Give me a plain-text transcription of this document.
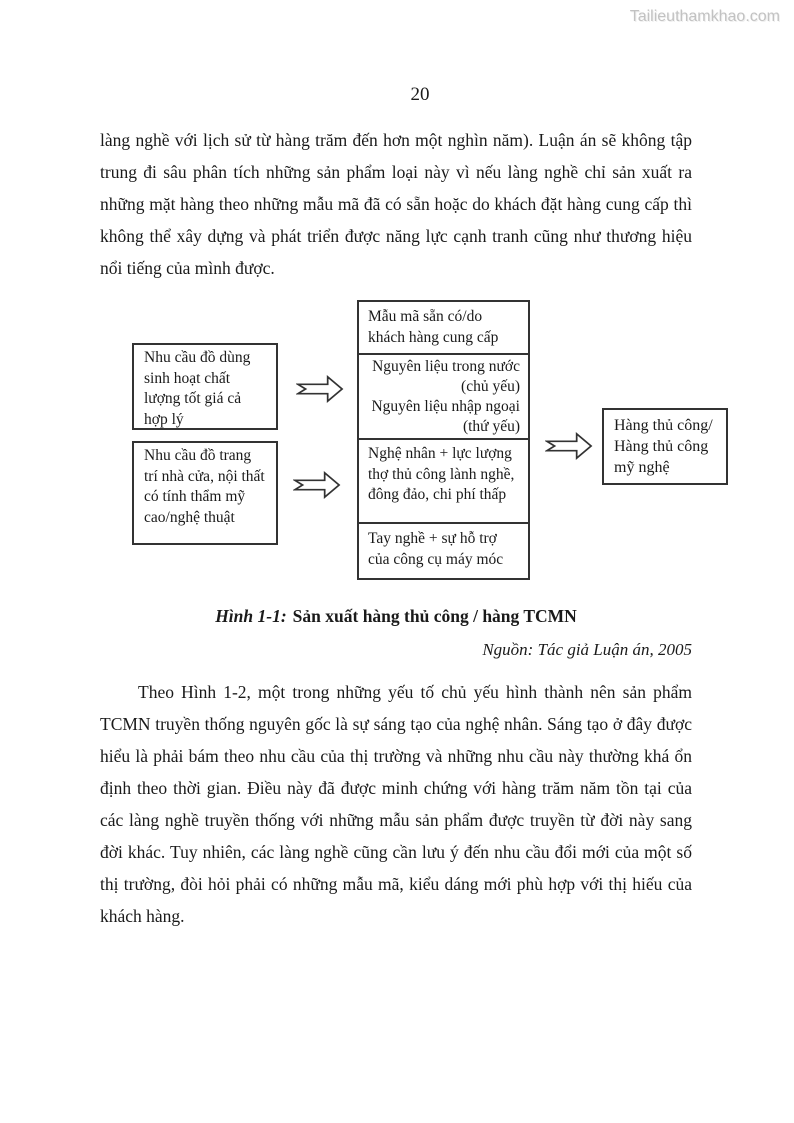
Tailieuthamkhao.com
20

làng nghề với lịch sử từ hàng trăm đến hơn một nghìn năm). Luận án sẽ không tập trung đi sâu phân tích những sản phẩm loại này vì nếu làng nghề chỉ sản xuất ra những mặt hàng theo những mẫu mã đã có sẵn hoặc do khách đặt hàng cung cấp thì không thể xây dựng và phát triển được năng lực cạnh tranh cũng như thương hiệu nổi tiếng của mình được.

Nhu cầu đồ dùng sinh hoạt chất lượng tốt giá cả hợp lý
Nhu cầu đồ trang trí nhà cửa, nội thất có tính thẩm mỹ cao/nghệ thuật
Mẫu mã sẵn có/do khách hàng cung cấp
Nguyên liệu trong nước
(chủ yếu)
Nguyên liệu nhập ngoại
(thứ yếu)
Nghệ nhân + lực lượng thợ thủ công lành nghề, đông đảo, chi phí thấp
Tay nghề + sự hỗ trợ của công cụ máy móc
Hàng thủ công/
Hàng thủ công
mỹ nghệ
Hình 1-1: Sản xuất hàng thủ công / hàng TCMN
Nguồn: Tác giả Luận án, 2005

Theo Hình 1-2, một trong những yếu tố chủ yếu hình thành nên sản phẩm TCMN truyền thống nguyên gốc là sự sáng tạo của nghệ nhân. Sáng tạo ở đây được hiểu là phải bám theo nhu cầu của thị trường và những nhu cầu này thường khá ổn định theo thời gian. Điều này đã được minh chứng với hàng trăm năm tồn tại của các làng nghề truyền thống với những mẫu sản phẩm được truyền từ đời này sang đời khác. Tuy nhiên, các làng nghề cũng cần lưu ý đến nhu cầu đổi mới của một số thị trường, đòi hỏi phải có những mẫu mã, kiểu dáng mới phù hợp với thị hiếu của khách hàng.
